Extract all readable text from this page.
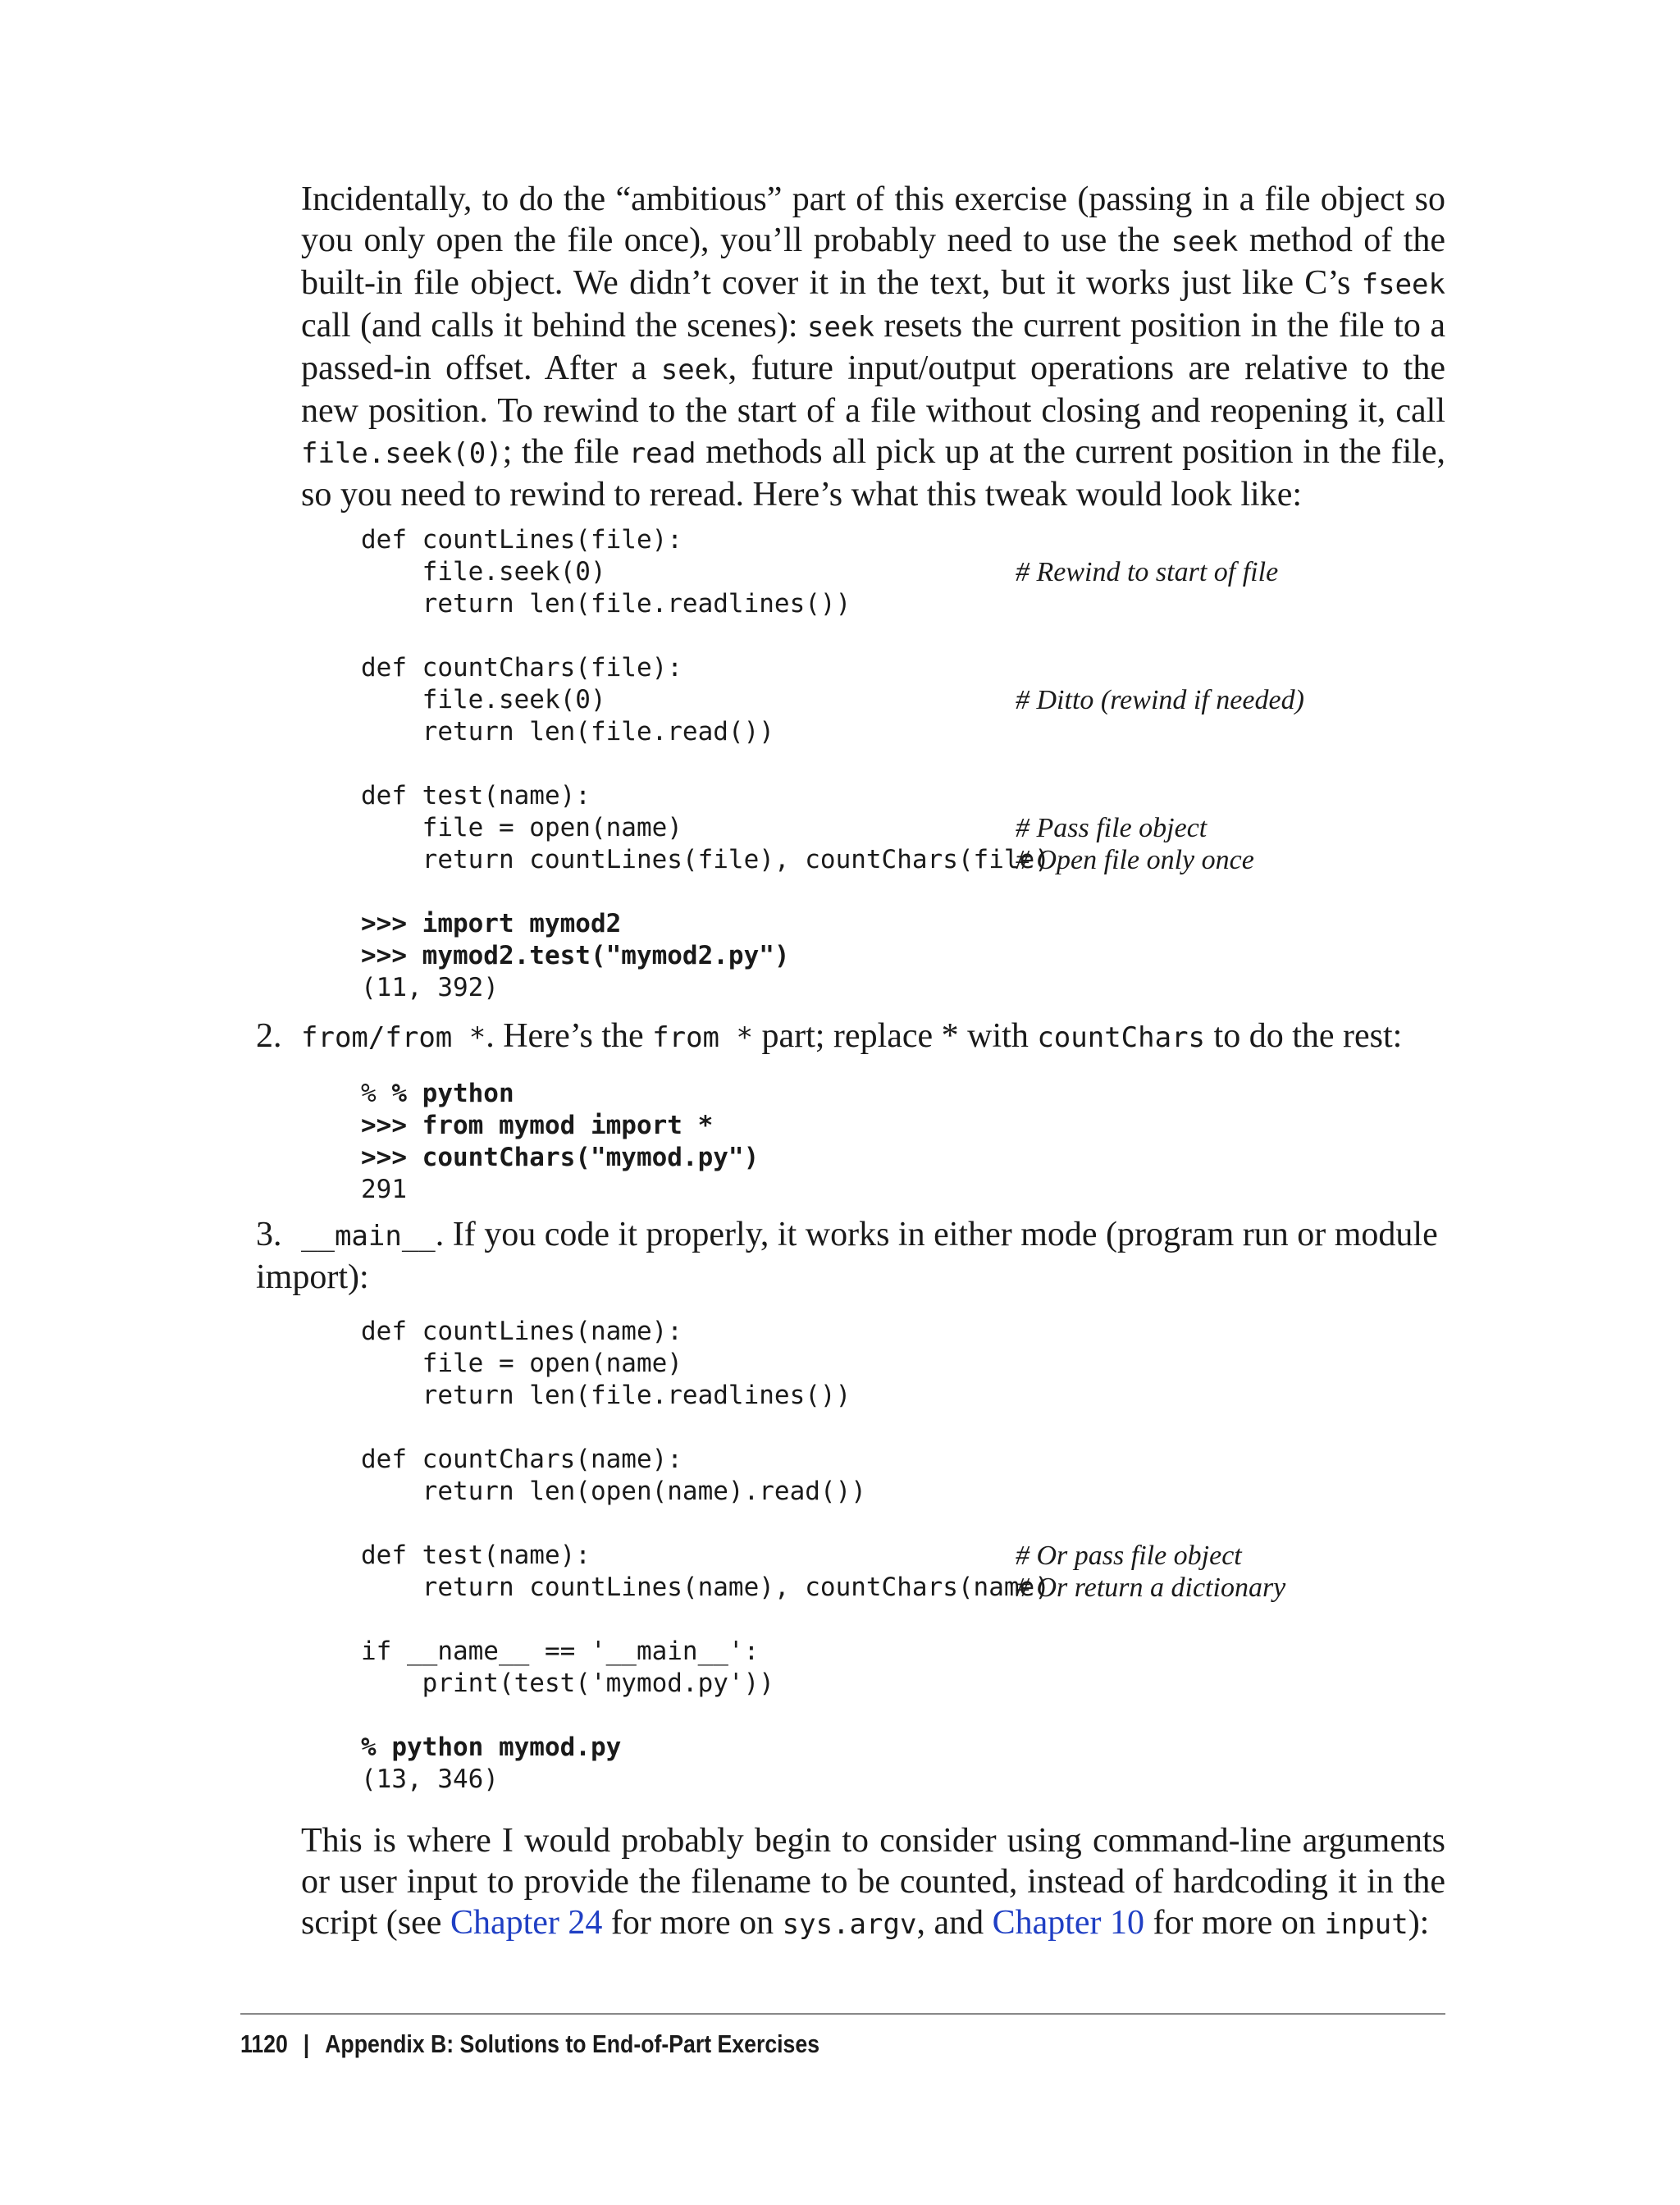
Incidentally, to do the “ambitious” part of this exercise (passing in a file object so you only open the file once), you’ll probably need to use the seek method of the built-in file object. We didn’t cover it in the text, but it works just like C’s fseek call (and calls it behind the scenes): seek resets the current position in the file to a passed-in offset. After a seek, future input/output operations are relative to the new position. To rewind to the start of a file without closing and reopening it, call file.seek(0); the file read methods all pick up at the current position in the file, so you need to rewind to reread. Here’s what this tweak would look like:

def countLines(file):
file.seek(0)
return len(file.readlines())
def countChars(file):
file.seek(0)
return len(file.read())
def test(name):
file = open(name)
return countLines(file), countChars(file)
>>> import mymod2
>>> mymod2.test("mymod2.py")
(11, 392)
# Rewind to start of file
# Ditto (rewind if needed)
# Pass file object
# Open file only once

2. from/from *. Here’s the from * part; replace * with countChars to do the rest:

% % python
>>> from mymod import *
>>> countChars("mymod.py")
291

3. __main__. If you code it properly, it works in either mode (program run or module import):

def countLines(name):
file = open(name)
return len(file.readlines())
def countChars(name):
return len(open(name).read())
def test(name):
return countLines(name), countChars(name)
if __name__ == '__main__':
print(test('mymod.py'))
% python mymod.py
(13, 346)
# Or pass file object
# Or return a dictionary

This is where I would probably begin to consider using command-line arguments or user input to provide the filename to be counted, instead of hardcoding it in the script (see Chapter 24 for more on sys.argv, and Chapter 10 for more on input):

1120 | Appendix B: Solutions to End-of-Part Exercises
